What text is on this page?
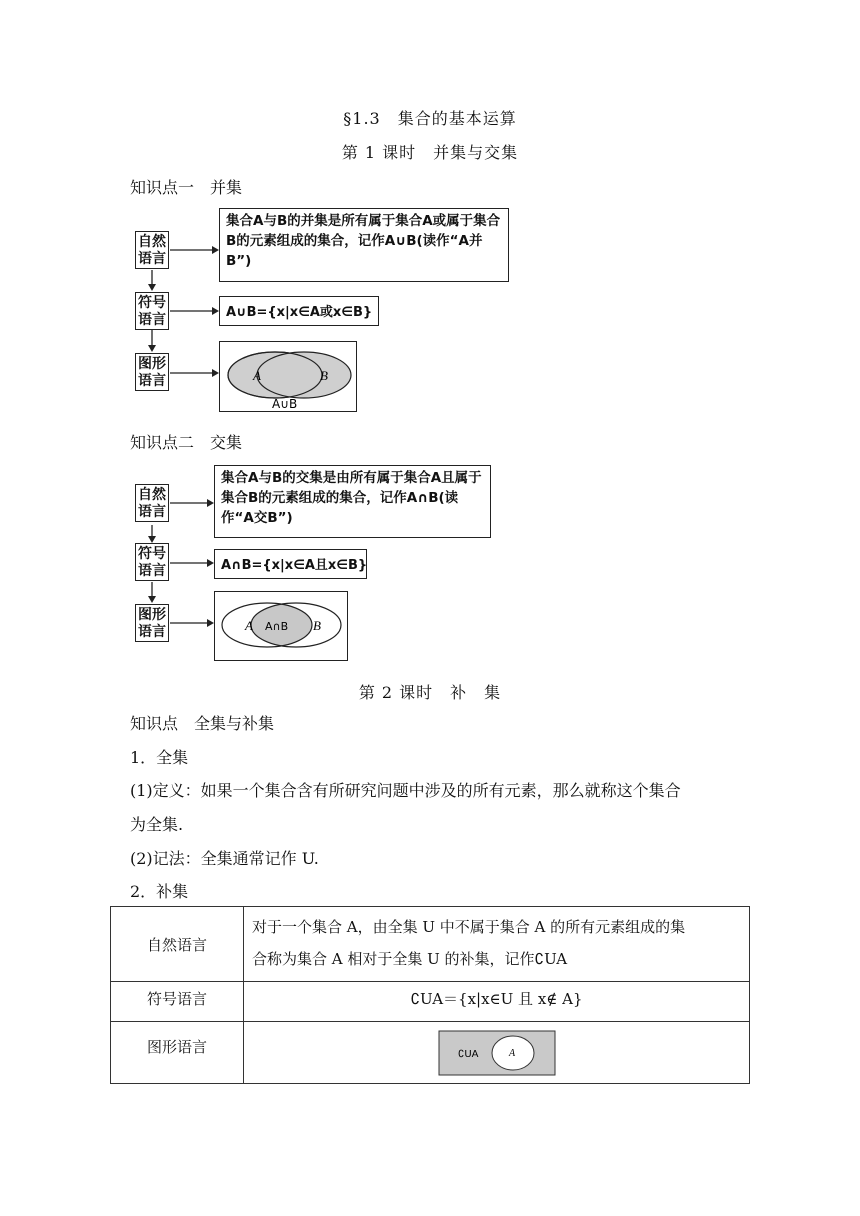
§1.3　集合的基本运算
第 1 课时　并集与交集
知识点一　并集
自然语言
符号语言
图形语言
集合A与B的并集是所有属于集合A或属于集合B的元素组成的集合，记作A∪B(读作“A并B”)
A∪B={x|x∈A或x∈B}
A	B
A∪B
知识点二　交集
自然语言
符号语言
图形语言
集合A与B的交集是由所有属于集合A且属于集合B的元素组成的集合，记作A∩B(读作“A交B”)
A∩B={x|x∈A且x∈B}
A	B
A∩B
第 2 课时　补　集
知识点　全集与补集
1．全集
(1)定义：如果一个集合含有所研究问题中涉及的所有元素，那么就称这个集合
为全集.
(2)记法：全集通常记作 U.
2．补集
自然语言	对于一个集合 A，由全集 U 中不属于集合 A 的所有元素组成的集
合称为集合 A 相对于全集 U 的补集，记作∁UA

符号语言	∁UA＝{x|x∈U 且 x∉ A}
图形语言	∁UA A
